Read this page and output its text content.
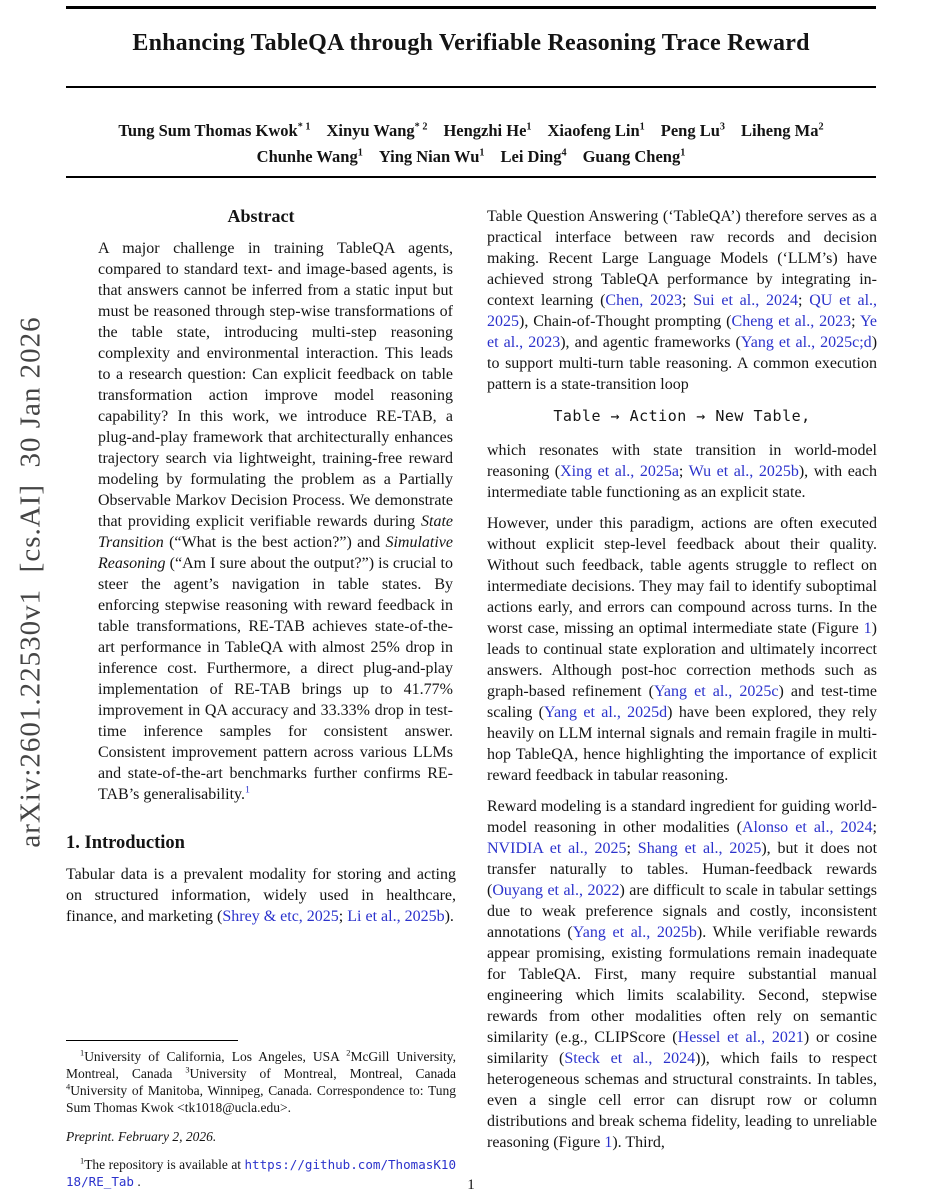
arXiv:2601.22530v1  [cs.AI]  30 Jan 2026
Enhancing TableQA through Verifiable Reasoning Trace Reward
Tung Sum Thomas Kwok$^{* 1}$ Xinyu Wang$^{* 2}$ Hengzhi He$^1$ Xiaofeng Lin$^1$ Peng Lu$^3$ Liheng Ma$^2$
Chunhe Wang$^1$ Ying Nian Wu$^1$ Lei Ding$^4$ Guang Cheng$^1$
Abstract

A major challenge in training TableQA agents, compared to standard text- and image-based agents, is that answers cannot be inferred from a static input but must be reasoned through step-wise transformations of the table state, introducing multi-step reasoning complexity and environmental interaction. This leads to a research question: Can explicit feedback on table transformation action improve model reasoning capability? In this work, we introduce RE-TAB, a plug-and-play framework that architecturally enhances trajectory search via lightweight, training-free reward modeling by formulating the problem as a Partially Observable Markov Decision Process. We demonstrate that providing explicit verifiable rewards during State Transition (“What is the best action?”) and Simulative Reasoning (“Am I sure about the output?”) is crucial to steer the agent’s navigation in table states. By enforcing stepwise reasoning with reward feedback in table transformations, RE-TAB achieves state-of-the-art performance in TableQA with almost 25% drop in inference cost. Furthermore, a direct plug-and-play implementation of RE-TAB brings up to 41.77% improvement in QA accuracy and 33.33% drop in test-time inference samples for consistent answer. Consistent improvement pattern across various LLMs and state-of-the-art benchmarks further confirms RE-TAB’s generalisability.$^1$

1. Introduction

Tabular data is a prevalent modality for storing and acting on structured information, widely used in healthcare, finance, and marketing (Shrey & etc, 2025; Li et al., 2025b).

$^1$University of California, Los Angeles, USA $^2$McGill University, Montreal, Canada $^3$University of Montreal, Montreal, Canada $^4$University of Manitoba, Winnipeg, Canada. Correspondence to: Tung Sum Thomas Kwok <tk1018@ucla.edu>.

Preprint. February 2, 2026.

$^1$The repository is available at https://github.com/ThomasK1018/RE_Tab .

Table Question Answering (‘TableQA’) therefore serves as a practical interface between raw records and decision making. Recent Large Language Models (‘LLM’s) have achieved strong TableQA performance by integrating in-context learning (Chen, 2023; Sui et al., 2024; QU et al., 2025), Chain-of-Thought prompting (Cheng et al., 2023; Ye et al., 2023), and agentic frameworks (Yang et al., 2025c;d) to support multi-turn table reasoning. A common execution pattern is a state-transition loop

Table → Action → New Table,

which resonates with state transition in world-model reasoning (Xing et al., 2025a; Wu et al., 2025b), with each intermediate table functioning as an explicit state.

However, under this paradigm, actions are often executed without explicit step-level feedback about their quality. Without such feedback, table agents struggle to reflect on intermediate decisions. They may fail to identify suboptimal actions early, and errors can compound across turns. In the worst case, missing an optimal intermediate state (Figure 1) leads to continual state exploration and ultimately incorrect answers. Although post-hoc correction methods such as graph-based refinement (Yang et al., 2025c) and test-time scaling (Yang et al., 2025d) have been explored, they rely heavily on LLM internal signals and remain fragile in multi-hop TableQA, hence highlighting the importance of explicit reward feedback in tabular reasoning.

Reward modeling is a standard ingredient for guiding world-model reasoning in other modalities (Alonso et al., 2024; NVIDIA et al., 2025; Shang et al., 2025), but it does not transfer naturally to tables. Human-feedback rewards (Ouyang et al., 2022) are difficult to scale in tabular settings due to weak preference signals and costly, inconsistent annotations (Yang et al., 2025b). While verifiable rewards appear promising, existing formulations remain inadequate for TableQA. First, many require substantial manual engineering which limits scalability. Second, stepwise rewards from other modalities often rely on semantic similarity (e.g., CLIPScore (Hessel et al., 2021) or cosine similarity (Steck et al., 2024)), which fails to respect heterogeneous schemas and structural constraints. In tables, even a single cell error can disrupt row or column distributions and break schema fidelity, leading to unreliable reasoning (Figure 1). Third,

1
